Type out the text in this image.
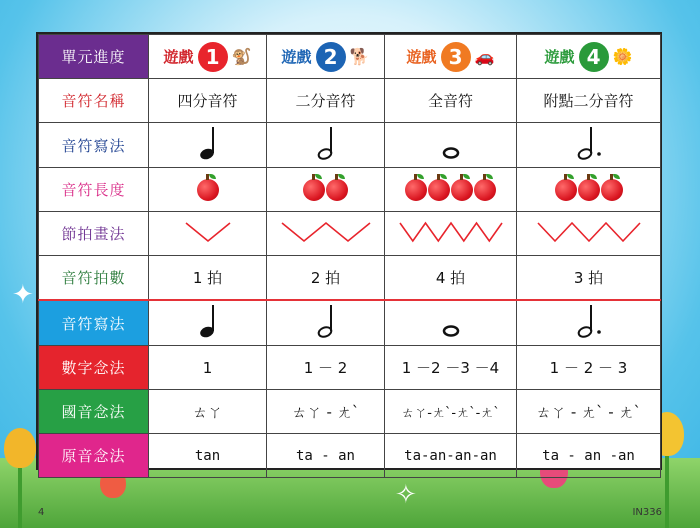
✦
✧
單元進度	遊戲 1 🐒	遊戲 2 🐕	遊戲 3 🚗	遊戲 4 🌼

音符名稱	四分音符	二分音符	全音符	附點二分音符
音符寫法				
音符長度	

節拍畫法				
音符拍數	1 拍	2 拍	4 拍	3 拍
音符寫法				
數字念法	1	1 － 2	1 －2 －3 －4	1 － 2 － 3
國音念法	ㄊㄚ	ㄊㄚ - ㄤˋ	ㄊㄚ-ㄤˋ-ㄤˋ-ㄤˋ	ㄊㄚ - ㄤˋ - ㄤˋ
原音念法	tan	ta - an	ta-an-an-an	ta - an -an
4	IN336
